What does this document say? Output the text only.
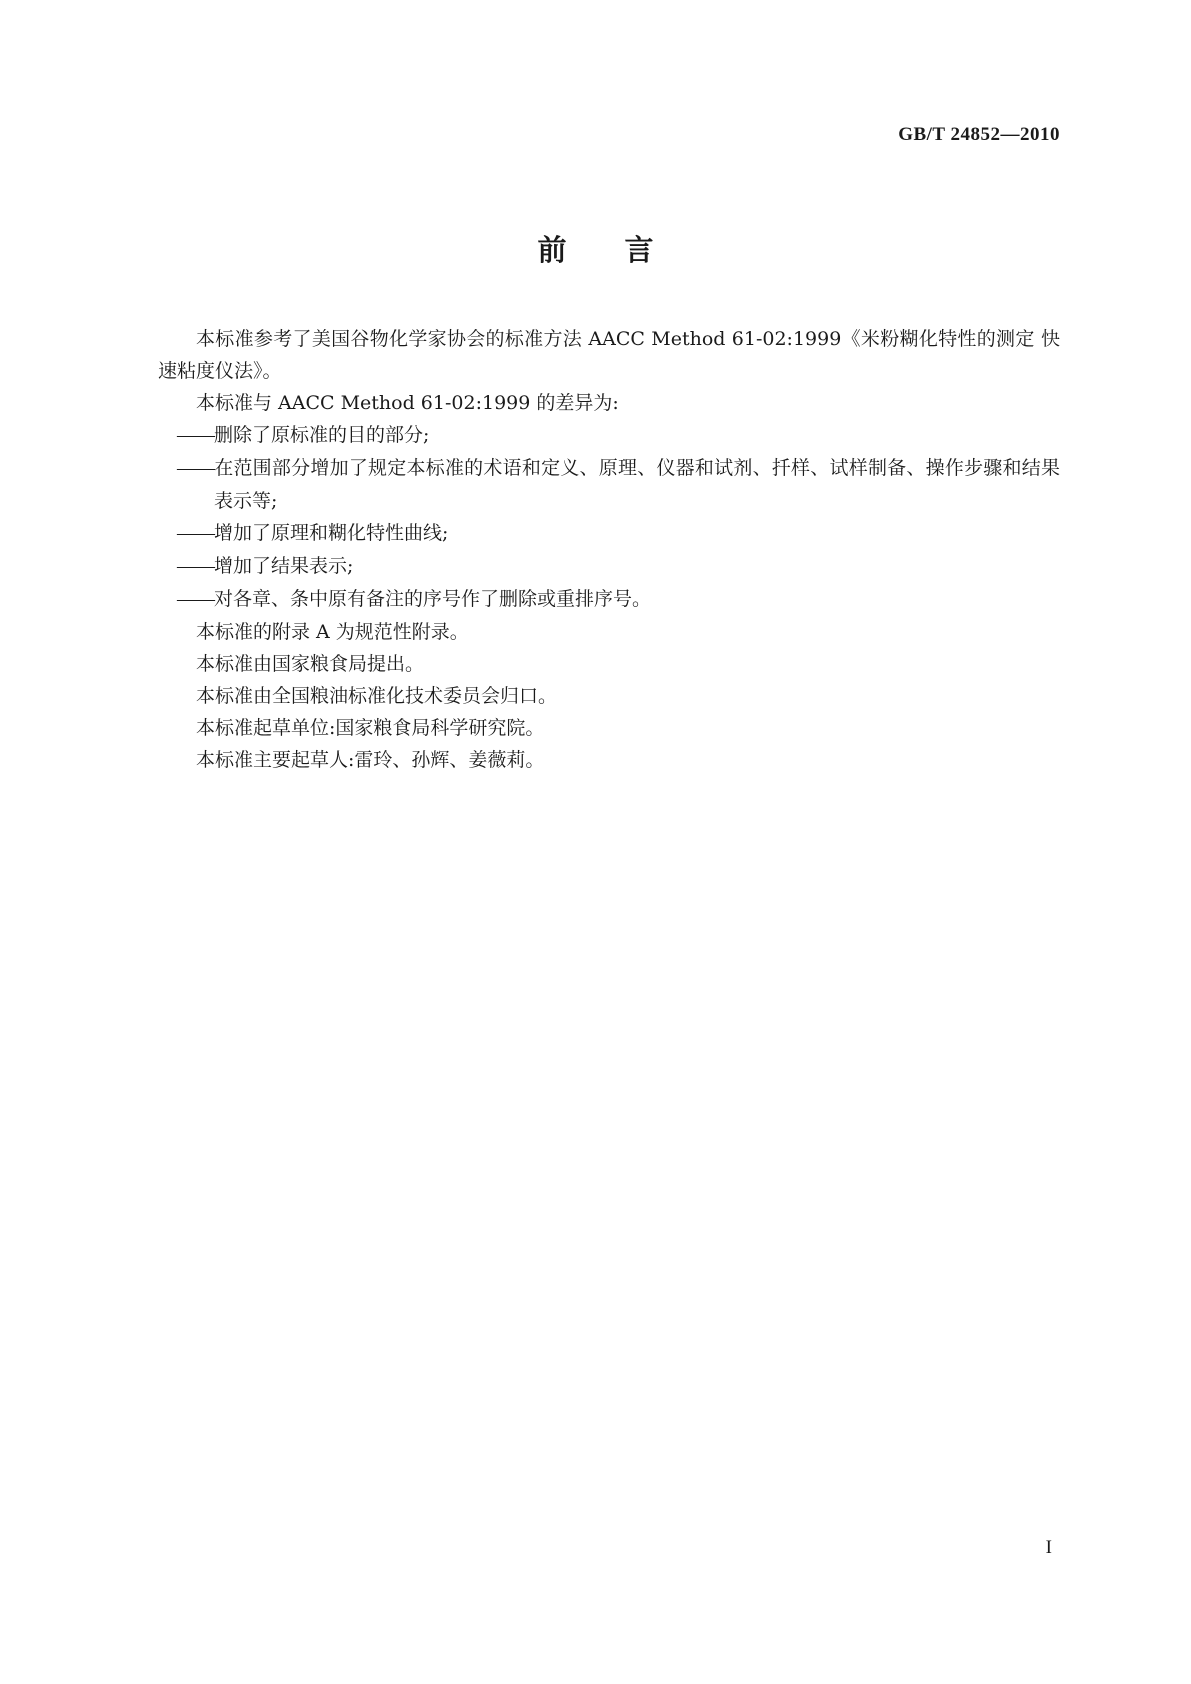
GB/T 24852—2010
前言

本标准参考了美国谷物化学家协会的标准方法 AACC Method 61-02:1999《米粉糊化特性的测定 快速粘度仪法》。

本标准与 AACC Method 61-02:1999 的差异为:

——删除了原标准的目的部分;

——在范围部分增加了规定本标准的术语和定义、原理、仪器和试剂、扦样、试样制备、操作步骤和结果表示等;

——增加了原理和糊化特性曲线;

——增加了结果表示;

——对各章、条中原有备注的序号作了删除或重排序号。

本标准的附录 A 为规范性附录。

本标准由国家粮食局提出。

本标准由全国粮油标准化技术委员会归口。

本标准起草单位:国家粮食局科学研究院。

本标准主要起草人:雷玲、孙辉、姜薇莉。

I
